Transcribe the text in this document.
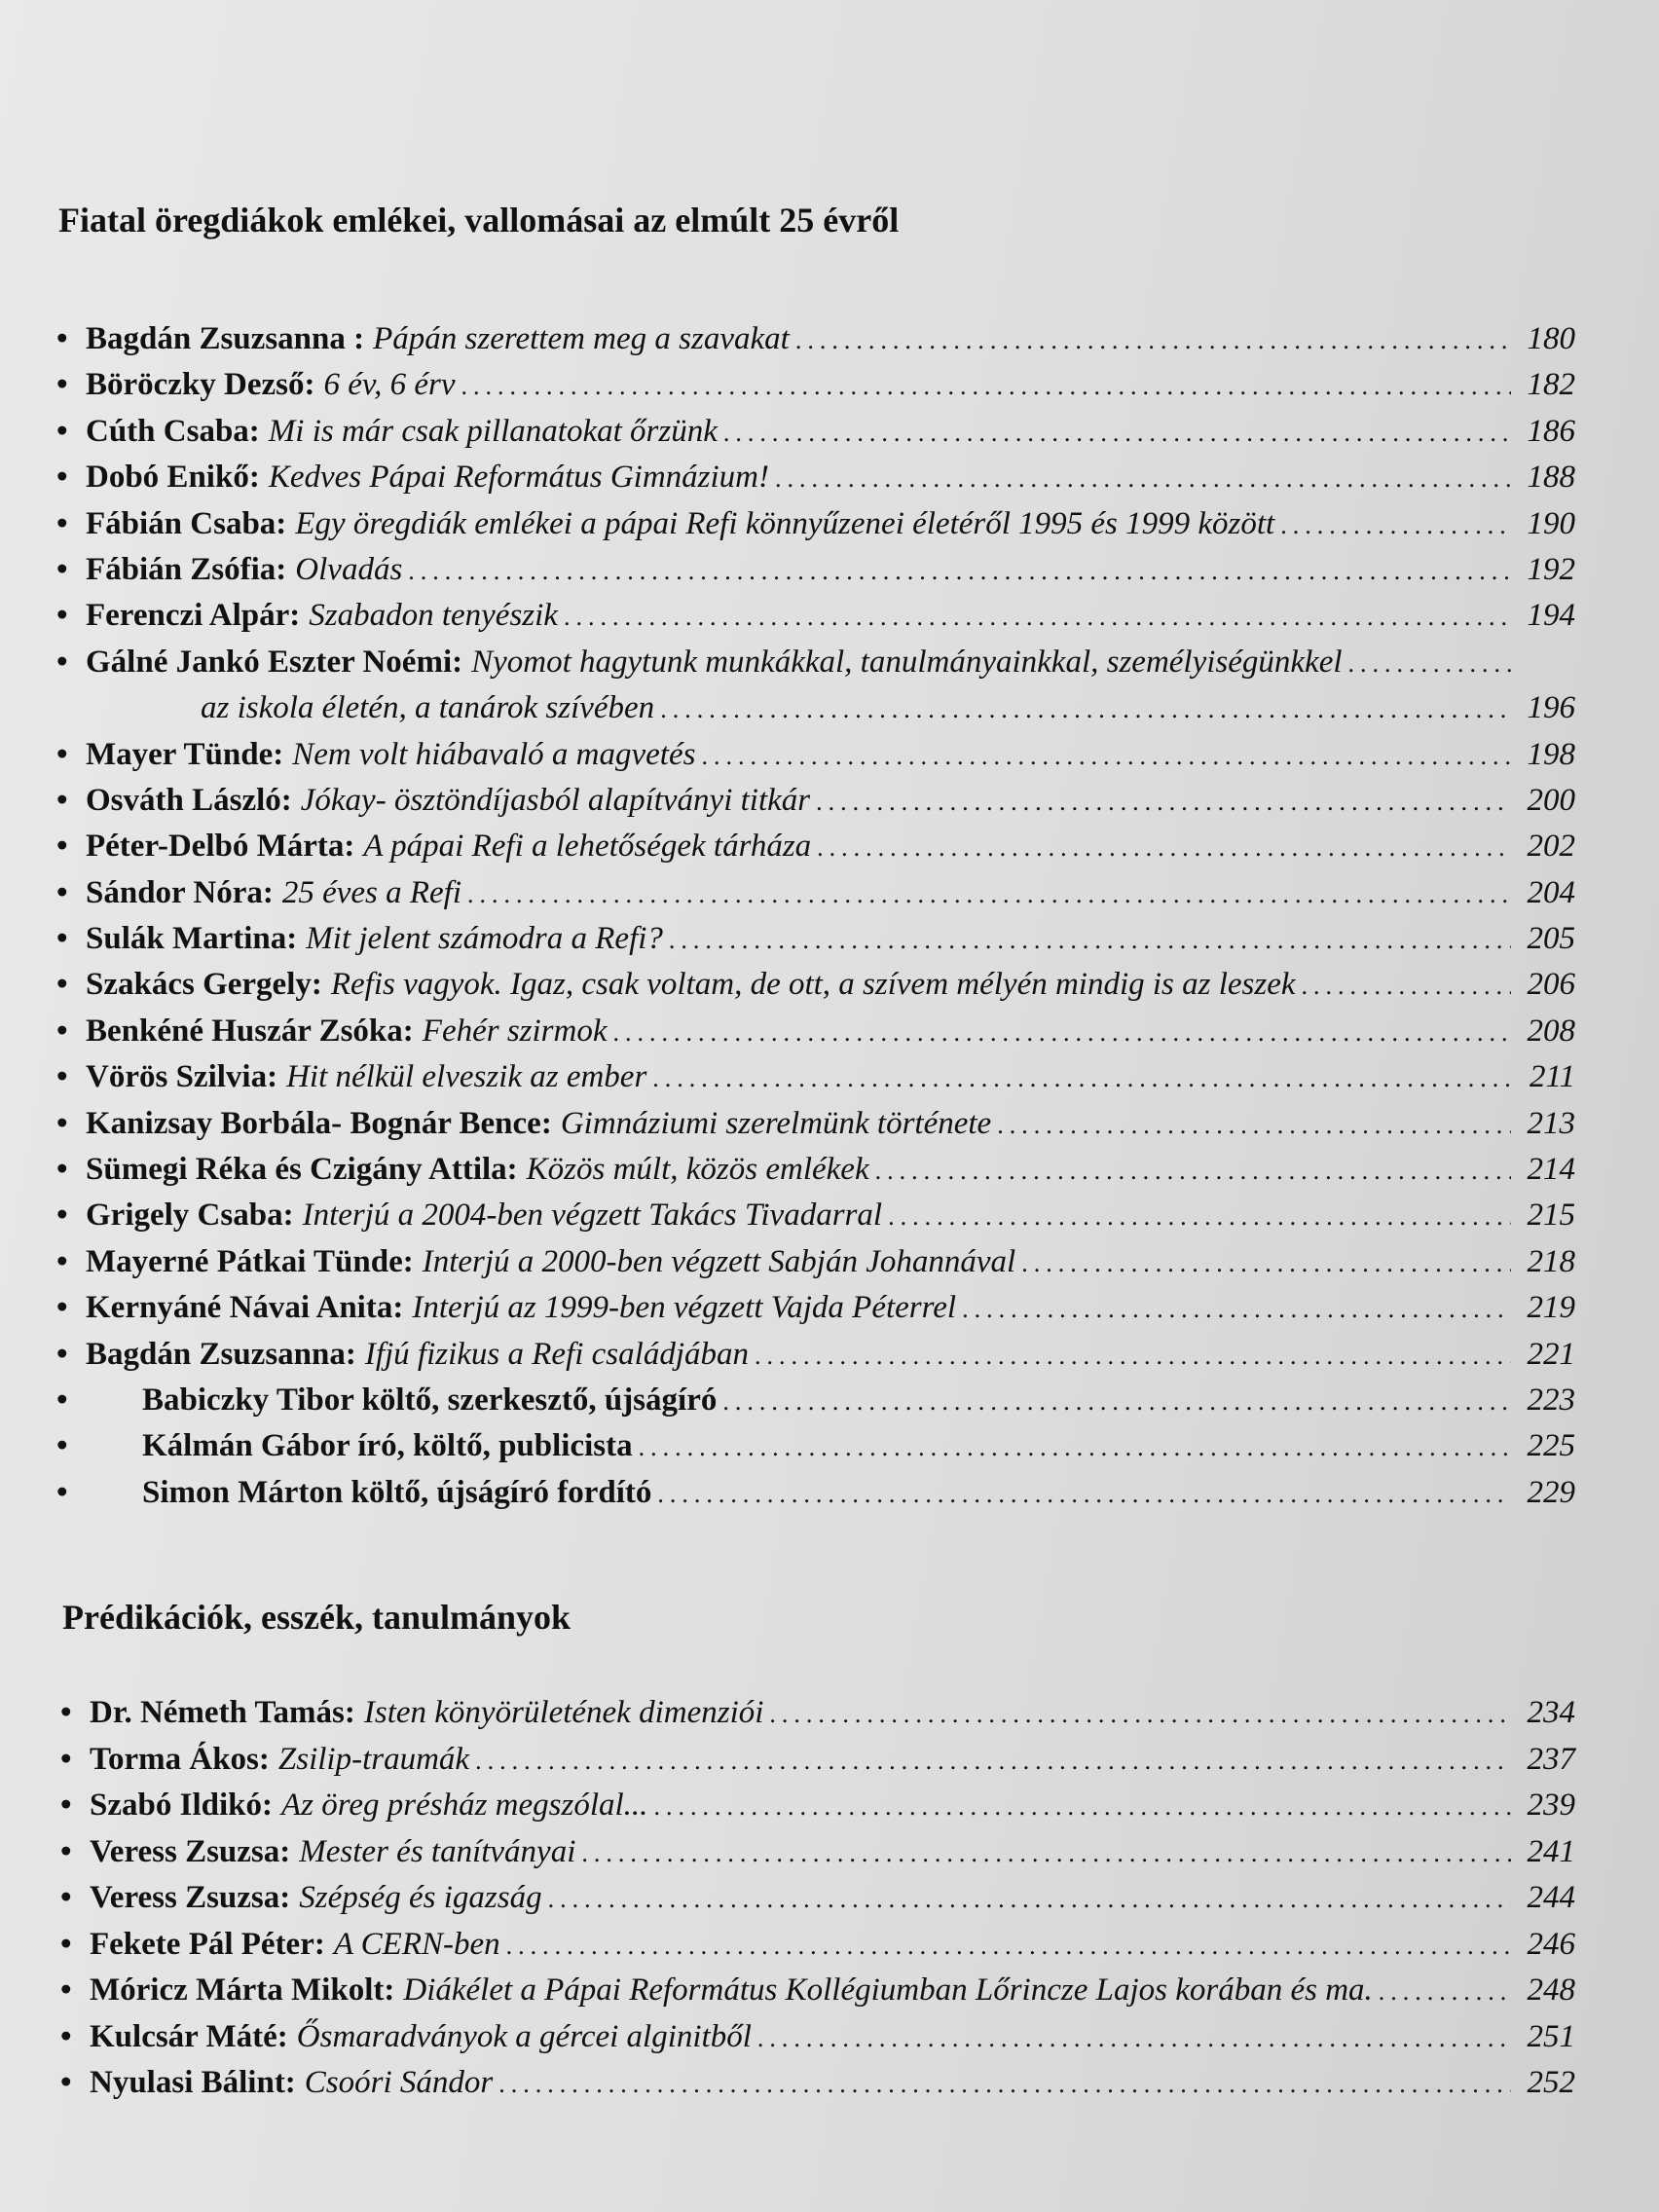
Fiatal öregdiákok emlékei, vallomásai az elmúlt 25 évről
• Bagdán Zsuzsanna : Pápán szerettem meg a szavakat .....	180
• Böröczky Dezső: 6 év, 6 érv .....	182
• Cúth Csaba: Mi is már csak pillanatokat őrzünk .....	186
• Dobó Enikő: Kedves Pápai Református Gimnázium! .....	188
• Fábián Csaba: Egy öregdiák emlékei a pápai Refi könnyűzenei életéről 1995 és 1999 között .....	190
• Fábián Zsófia: Olvadás .....	192
• Ferenczi Alpár: Szabadon tenyészik .....	194
• Gálné Jankó Eszter Noémi: Nyomot hagytunk munkákkal, tanulmányainkkal, személyiségünkkel
.....
az iskola életén, a tanárok szívében .....	196
• Mayer Tünde: Nem volt hiábavaló a magvetés .....	198
• Osváth László: Jókay- ösztöndíjasból alapítványi titkár .....	200
• Péter-Delbó Márta: A pápai Refi a lehetőségek tárháza .....	202
• Sándor Nóra: 25 éves a Refi .....	204
• Sulák Martina: Mit jelent számodra a Refi? .....	205
• Szakács Gergely: Refis vagyok. Igaz, csak voltam, de ott, a szívem mélyén mindig is az leszek .....	206
• Benkéné Huszár Zsóka: Fehér szirmok .....	208
• Vörös Szilvia: Hit nélkül elveszik az ember .....	211
• Kanizsay Borbála- Bognár Bence: Gimnáziumi szerelmünk története .....	213
• Sümegi Réka és Czigány Attila: Közös múlt, közös emlékek .....	214
• Grigely Csaba: Interjú a 2004-ben végzett Takács Tivadarral .....	215
• Mayerné Pátkai Tünde: Interjú a 2000-ben végzett Sabján Johannával .....	218
• Kernyáné Návai Anita: Interjú az 1999-ben végzett Vajda Péterrel .....	219
• Bagdán Zsuzsanna: Ifjú fizikus a Refi családjában .....	221
•	Babiczky Tibor költő, szerkesztő, újságíró .....	223
•	Kálmán Gábor író, költő, publicista .....	225
•	Simon Márton költő, újságíró fordító .....	229
Prédikációk, esszék, tanulmányok
• Dr. Németh Tamás: Isten könyörületének dimenziói .....	234
• Torma Ákos: Zsilip-traumák .....	237
• Szabó Ildikó: Az öreg présház megszólal... .....	239
• Veress Zsuzsa: Mester és tanítványai .....	241
• Veress Zsuzsa: Szépség és igazság .....	244
• Fekete Pál Péter: A CERN-ben .....	246
• Móricz Márta Mikolt: Diákélet a Pápai Református Kollégiumban Lőrincze Lajos korában és ma. .....	248
• Kulcsár Máté: Ősmaradványok a gércei alginitből .....	251
• Nyulasi Bálint: Csoóri Sándor .....	252
